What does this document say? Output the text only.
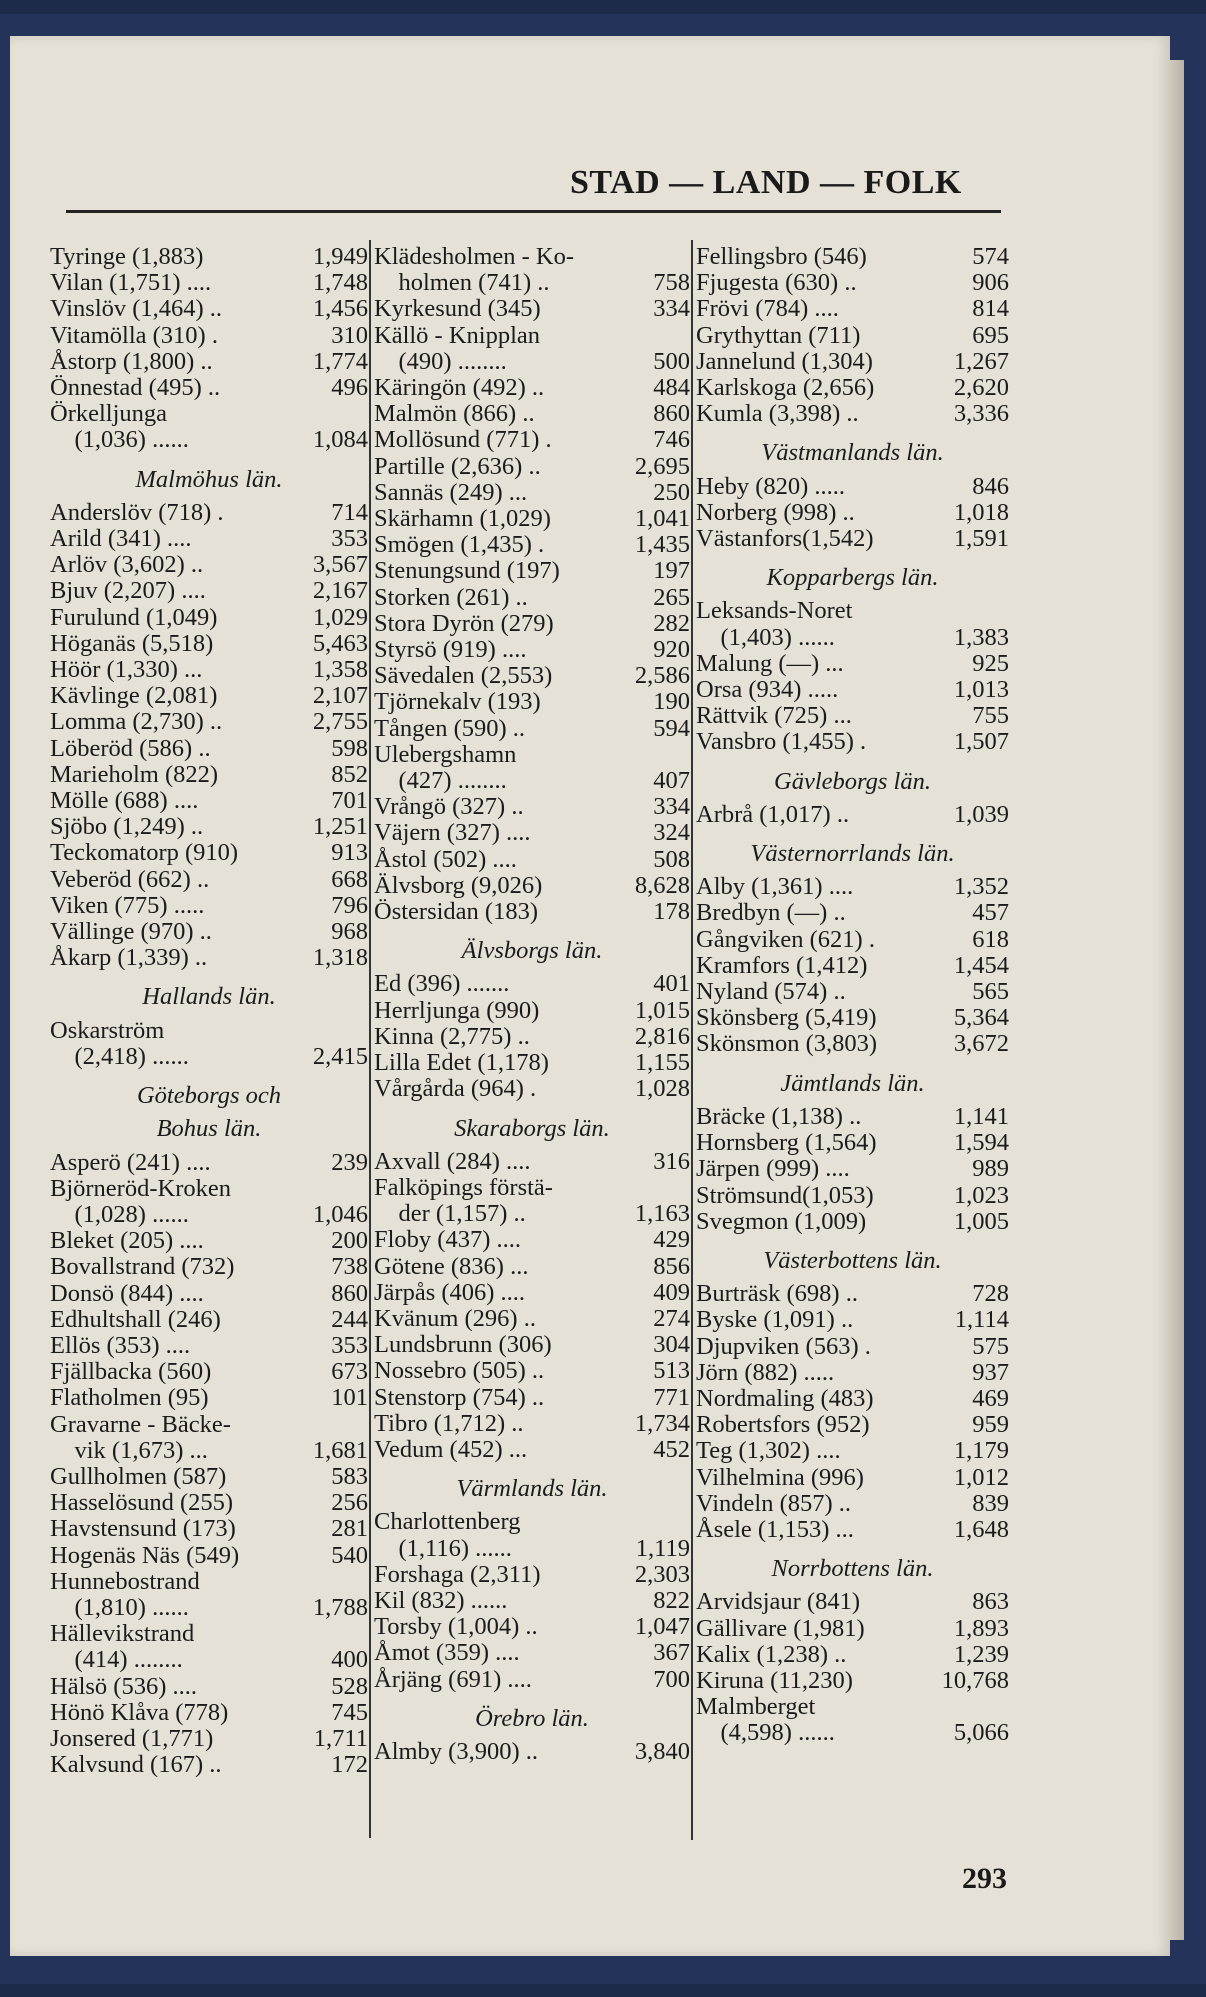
STAD — LAND — FOLK
Tyringe (1,883)	1,949
Vilan (1,751) ....	1,748
Vinslöv (1,464) ..	1,456
Vitamölla (310) .	310
Åstorp (1,800) ..	1,774
Önnestad (495) ..	496
Örkelljunga
  (1,036) ......	1,084
Malmöhus län.
Anderslöv (718) .	714
Arild (341) ....	353
Arlöv (3,602) ..	3,567
Bjuv (2,207) ....	2,167
Furulund (1,049)	1,029
Höganäs (5,518)	5,463
Höör (1,330) ...	1,358
Kävlinge (2,081)	2,107
Lomma (2,730) ..	2,755
Löberöd (586) ..	598
Marieholm (822)	852
Mölle (688) ....	701
Sjöbo (1,249) ..	1,251
Teckomatorp (910)	913
Veberöd (662) ..	668
Viken (775) .....	796
Vällinge (970) ..	968
Åkarp (1,339) ..	1,318
Hallands län.
Oskarström
  (2,418) ......	2,415
Göteborgs och
Bohus län.
Asperö (241) ....	239
Björneröd-Kroken
  (1,028) ......	1,046
Bleket (205) ....	200
Bovallstrand (732)	738
Donsö (844) ....	860
Edhultshall (246)	244
Ellös (353) ....	353
Fjällbacka (560)	673
Flatholmen (95)	101
Gravarne - Bäcke-
  vik (1,673) ...	1,681
Gullholmen (587)	583
Hasselösund (255)	256
Havstensund (173)	281
Hogenäs Näs (549)	540
Hunnebostrand
  (1,810) ......	1,788
Hällevikstrand
  (414) ........	400
Hälsö (536) ....	528
Hönö Klåva (778)	745
Jonsered (1,771)	1,711
Kalvsund (167) ..	172
Klädesholmen - Ko-
  holmen (741) ..	758
Kyrkesund (345)	334
Källö - Knipplan
  (490) ........	500
Käringön (492) ..	484
Malmön (866) ..	860
Mollösund (771) .	746
Partille (2,636) ..	2,695
Sannäs (249) ...	250
Skärhamn (1,029)	1,041
Smögen (1,435) .	1,435
Stenungsund (197)	197
Storken (261) ..	265
Stora Dyrön (279)	282
Styrsö (919) ....	920
Sävedalen (2,553)	2,586
Tjörnekalv (193)	190
Tången (590) ..	594
Ulebergshamn
  (427) ........	407
Vrångö (327) ..	334
Väjern (327) ....	324
Åstol (502) ....	508
Älvsborg (9,026)	8,628
Östersidan (183)	178
Älvsborgs län.
Ed (396) .......	401
Herrljunga (990)	1,015
Kinna (2,775) ..	2,816
Lilla Edet (1,178)	1,155
Vårgårda (964) .	1,028
Skaraborgs län.
Axvall (284) ....	316
Falköpings förstä-
  der (1,157) ..	1,163
Floby (437) ....	429
Götene (836) ...	856
Järpås (406) ....	409
Kvänum (296) ..	274
Lundsbrunn (306)	304
Nossebro (505) ..	513
Stenstorp (754) ..	771
Tibro (1,712) ..	1,734
Vedum (452) ...	452
Värmlands län.
Charlottenberg
  (1,116) ......	1,119
Forshaga (2,311)	2,303
Kil (832) ......	822
Torsby (1,004) ..	1,047
Åmot (359) ....	367
Årjäng (691) ....	700
Örebro län.
Almby (3,900) ..	3,840
Fellingsbro (546)	574
Fjugesta (630) ..	906
Frövi (784) ....	814
Grythyttan (711)	695
Jannelund (1,304)	1,267
Karlskoga (2,656)	2,620
Kumla (3,398) ..	3,336
Västmanlands län.
Heby (820) .....	846
Norberg (998) ..	1,018
Västanfors(1,542)	1,591
Kopparbergs län.
Leksands-Noret
  (1,403) ......	1,383
Malung (—) ...	925
Orsa (934) .....	1,013
Rättvik (725) ...	755
Vansbro (1,455) .	1,507
Gävleborgs län.
Arbrå (1,017) ..	1,039
Västernorrlands län.
Alby (1,361) ....	1,352
Bredbyn (—) ..	457
Gångviken (621) .	618
Kramfors (1,412)	1,454
Nyland (574) ..	565
Skönsberg (5,419)	5,364
Skönsmon (3,803)	3,672
Jämtlands län.
Bräcke (1,138) ..	1,141
Hornsberg (1,564)	1,594
Järpen (999) ....	989
Strömsund(1,053)	1,023
Svegmon (1,009)	1,005
Västerbottens län.
Burträsk (698) ..	728
Byske (1,091) ..	1,114
Djupviken (563) .	575
Jörn (882) .....	937
Nordmaling (483)	469
Robertsfors (952)	959
Teg (1,302) ....	1,179
Vilhelmina (996)	1,012
Vindeln (857) ..	839
Åsele (1,153) ...	1,648
Norrbottens län.
Arvidsjaur (841)	863
Gällivare (1,981)	1,893
Kalix (1,238) ..	1,239
Kiruna (11,230)	10,768
Malmberget
  (4,598) ......	5,066
293
